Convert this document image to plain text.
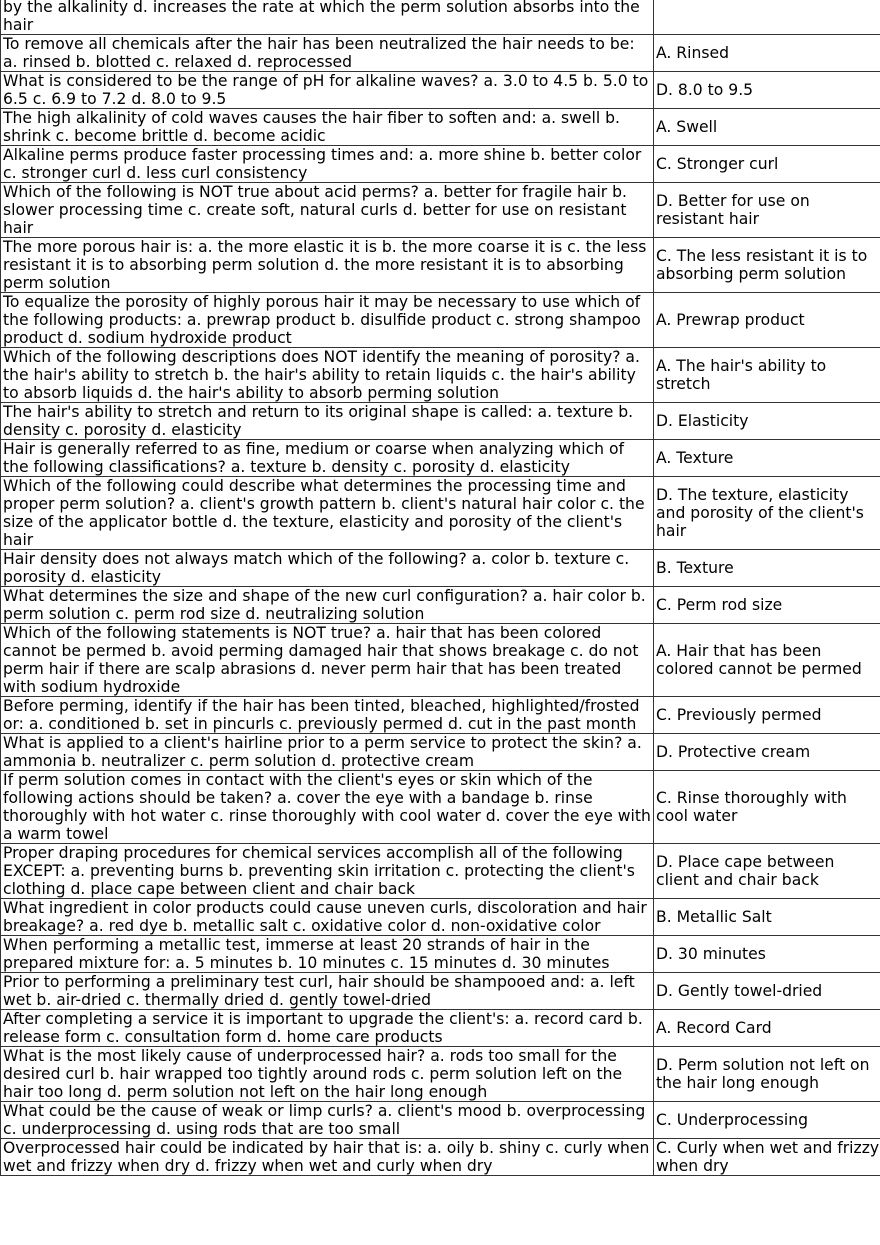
by the alkalinity d. increases the rate at which the perm solution absorbs into the hair	
To remove all chemicals after the hair has been neutralized the hair needs to be: a. rinsed b. blotted c. relaxed d. reprocessed	A. Rinsed
What is considered to be the range of pH for alkaline waves? a. 3.0 to 4.5 b. 5.0 to 6.5 c. 6.9 to 7.2 d. 8.0 to 9.5	D. 8.0 to 9.5
The high alkalinity of cold waves causes the hair fiber to soften and: a. swell b. shrink c. become brittle d. become acidic	A. Swell
Alkaline perms produce faster processing times and: a. more shine b. better color c. stronger curl d. less curl consistency	C. Stronger curl
Which of the following is NOT true about acid perms? a. better for fragile hair b. slower processing time c. create soft, natural curls d. better for use on resistant hair	D. Better for use on resistant hair
The more porous hair is: a. the more elastic it is b. the more coarse it is c. the less resistant it is to absorbing perm solution d. the more resistant it is to absorbing perm solution	C. The less resistant it is to absorbing perm solution
To equalize the porosity of highly porous hair it may be necessary to use which of the following products: a. prewrap product b. disulfide product c. strong shampoo product d. sodium hydroxide product	A. Prewrap product
Which of the following descriptions does NOT identify the meaning of porosity? a. the hair's ability to stretch b. the hair's ability to retain liquids c. the hair's ability to absorb liquids d. the hair's ability to absorb perming solution	A. The hair's ability to stretch
The hair's ability to stretch and return to its original shape is called: a. texture b. density c. porosity d. elasticity	D. Elasticity
Hair is generally referred to as fine, medium or coarse when analyzing which of the following classifications? a. texture b. density c. porosity d. elasticity	A. Texture
Which of the following could describe what determines the processing time and proper perm solution? a. client's growth pattern b. client's natural hair color c. the size of the applicator bottle d. the texture, elasticity and porosity of the client's hair	D. The texture, elasticity and porosity of the client's hair
Hair density does not always match which of the following? a. color b. texture c. porosity d. elasticity	B. Texture
What determines the size and shape of the new curl configuration? a. hair color b. perm solution c. perm rod size d. neutralizing solution	C. Perm rod size
Which of the following statements is NOT true? a. hair that has been colored cannot be permed b. avoid perming damaged hair that shows breakage c. do not perm hair if there are scalp abrasions d. never perm hair that has been treated with sodium hydroxide	A. Hair that has been colored cannot be permed
Before perming, identify if the hair has been tinted, bleached, highlighted/frosted or: a. conditioned b. set in pincurls c. previously permed d. cut in the past month	C. Previously permed
What is applied to a client's hairline prior to a perm service to protect the skin? a. ammonia b. neutralizer c. perm solution d. protective cream	D. Protective cream
If perm solution comes in contact with the client's eyes or skin which of the following actions should be taken? a. cover the eye with a bandage b. rinse thoroughly with hot water c. rinse thoroughly with cool water d. cover the eye with a warm towel	C. Rinse thoroughly with cool water
Proper draping procedures for chemical services accomplish all of the following EXCEPT: a. preventing burns b. preventing skin irritation c. protecting the client's clothing d. place cape between client and chair back	D. Place cape between client and chair back
What ingredient in color products could cause uneven curls, discoloration and hair breakage? a. red dye b. metallic salt c. oxidative color d. non-oxidative color	B. Metallic Salt
When performing a metallic test, immerse at least 20 strands of hair in the prepared mixture for: a. 5 minutes b. 10 minutes c. 15 minutes d. 30 minutes	D. 30 minutes
Prior to performing a preliminary test curl, hair should be shampooed and: a. left wet b. air-dried c. thermally dried d. gently towel-dried	D. Gently towel-dried
After completing a service it is important to upgrade the client's: a. record card b. release form c. consultation form d. home care products	A. Record Card
What is the most likely cause of underprocessed hair? a. rods too small for the desired curl b. hair wrapped too tightly around rods c. perm solution left on the hair too long d. perm solution not left on the hair long enough	D. Perm solution not left on the hair long enough
What could be the cause of weak or limp curls? a. client's mood b. overprocessing c. underprocessing d. using rods that are too small	C. Underprocessing
Overprocessed hair could be indicated by hair that is: a. oily b. shiny c. curly when wet and frizzy when dry d. frizzy when wet and curly when dry	C. Curly when wet and frizzy when dry
